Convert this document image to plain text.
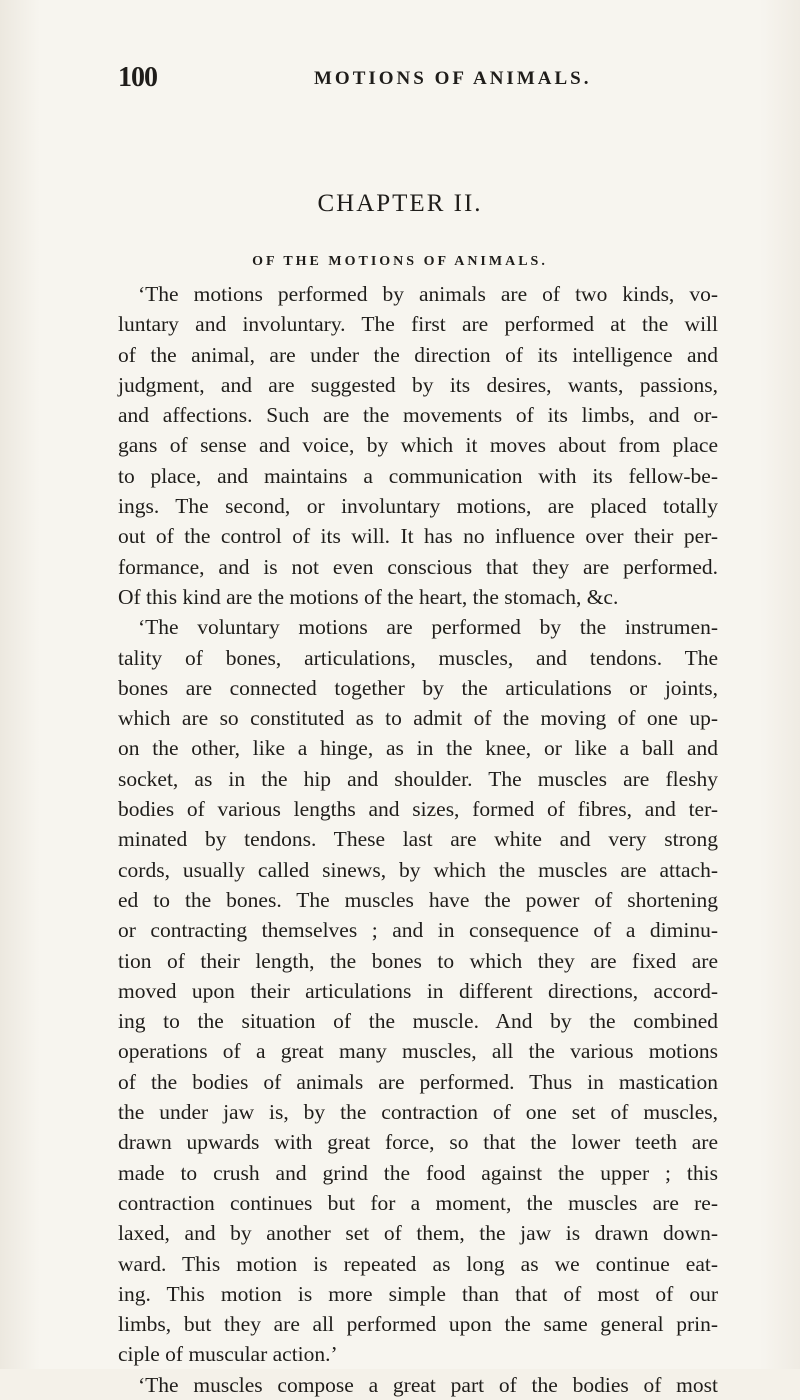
100	MOTIONS OF ANIMALS.
CHAPTER II.
OF THE MOTIONS OF ANIMALS.
‘The motions performed by animals are of two kinds, vo-
luntary and involuntary. The first are performed at the will
of the animal, are under the direction of its intelligence and
judgment, and are suggested by its desires, wants, passions,
and affections. Such are the movements of its limbs, and or-
gans of sense and voice, by which it moves about from place
to place, and maintains a communication with its fellow-be-
ings. The second, or involuntary motions, are placed totally
out of the control of its will. It has no influence over their per-
formance, and is not even conscious that they are performed.
Of this kind are the motions of the heart, the stomach, &c.
‘The voluntary motions are performed by the instrumen-
tality of bones, articulations, muscles, and tendons. The
bones are connected together by the articulations or joints,
which are so constituted as to admit of the moving of one up-
on the other, like a hinge, as in the knee, or like a ball and
socket, as in the hip and shoulder. The muscles are fleshy
bodies of various lengths and sizes, formed of fibres, and ter-
minated by tendons. These last are white and very strong
cords, usually called sinews, by which the muscles are attach-
ed to the bones. The muscles have the power of shortening
or contracting themselves ; and in consequence of a diminu-
tion of their length, the bones to which they are fixed are
moved upon their articulations in different directions, accord-
ing to the situation of the muscle. And by the combined
operations of a great many muscles, all the various motions
of the bodies of animals are performed. Thus in mastication
the under jaw is, by the contraction of one set of muscles,
drawn upwards with great force, so that the lower teeth are
made to crush and grind the food against the upper ; this
contraction continues but for a moment, the muscles are re-
laxed, and by another set of them, the jaw is drawn down-
ward. This motion is repeated as long as we continue eat-
ing. This motion is more simple than that of most of our
limbs, but they are all performed upon the same general prin-
ciple of muscular action.’
‘The muscles compose a great part of the bodies of most
